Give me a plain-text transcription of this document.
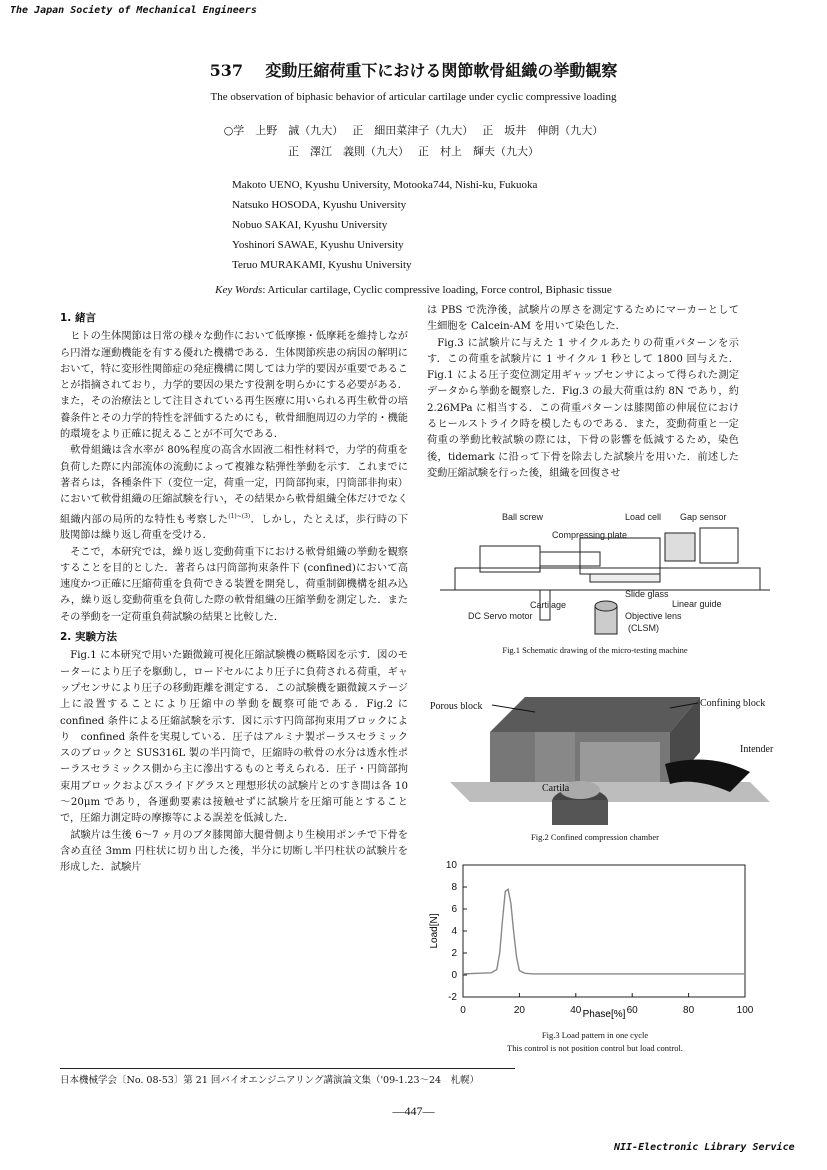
The Japan Society of Mechanical Engineers
537 変動圧縮荷重下における関節軟骨組織の挙動観察
The observation of biphasic behavior of articular cartilage under cyclic compressive loading
○学　上野　誠（九大）　 正　細田菜津子（九大）　 正　坂井　伸朗（九大）
正　澤江　義則（九大）　 正　村上　輝夫（九大）
Makoto UENO, Kyushu University, Motooka744, Nishi-ku, Fukuoka
Natsuko HOSODA, Kyushu University
Nobuo SAKAI, Kyushu University
Yoshinori SAWAE, Kyushu University
Teruo MURAKAMI, Kyushu University
Key Words: Articular cartilage, Cyclic compressive loading, Force control, Biphasic tissue
1. 緒言

ヒトの生体関節は日常の様々な動作において低摩擦・低摩耗を維持しながら円滑な運動機能を有する優れた機構である．生体関節疾患の病因の解明において，特に変形性関節症の発症機構に関しては力学的要因が重要であることが指摘されており，力学的要因の果たす役割を明らかにする必要がある．また，その治療法として注目されている再生医療に用いられる再生軟骨の培養条件とその力学的特性を評価するためにも，軟骨細胞周辺の力学的・機能的環境をより正確に捉えることが不可欠である．

軟骨組織は含水率が 80%程度の高含水固液二相性材料で，力学的荷重を負荷した際に内部流体の流動によって複雑な粘弾性挙動を示す．これまでに著者らは，各種条件下（変位一定，荷重一定，円筒部拘束，円筒部非拘束）において軟骨組織の圧縮試験を行い，その結果から軟骨組織全体だけでなく組織内部の局所的な特性も考察した$^{(1)\sim(3)}$．しかし，たとえば，歩行時の下肢関節は繰り返し荷重を受ける．

そこで，本研究では，繰り返し変動荷重下における軟骨組織の挙動を観察することを目的とした．著者らは円筒部拘束条件下 (confined)において高速度かつ正確に圧縮荷重を負荷できる装置を開発し，荷重制御機構を組み込み，繰り返し変動荷重を負荷した際の軟骨組織の圧縮挙動を測定した．またその挙動を一定荷重負荷試験の結果と比較した．

2. 実験方法

Fig.1 に本研究で用いた顕微鏡可視化圧縮試験機の概略図を示す．図のモーターにより圧子を駆動し，ロードセルにより圧子に負荷される荷重，ギャップセンサにより圧子の移動距離を測定する．この試験機を顕微鏡ステージ上に設置することにより圧縮中の挙動を観察可能である．Fig.2 に confined 条件による圧縮試験を示す．図に示す円筒部拘束用ブロックにより　confined 条件を実現している．圧子はアルミナ製ポーラスセラミックスのブロックと SUS316L 製の半円筒で，圧縮時の軟骨の水分は透水性ポーラスセラミックス側から主に滲出するものと考えられる．圧子・円筒部拘束用ブロックおよびスライドグラスと理想形状の試験片とのすき間は各 10～20μm であり，各運動要素は接触せずに試験片を圧縮可能とすることで，圧縮力測定時の摩擦等による誤差を低減した．

試験片は生後 6～7 ヶ月のブタ膝関節大腿骨側より生検用ポンチで下骨を含め直径 3mm 円柱状に切り出した後，半分に切断し半円柱状の試験片を形成した．試験片

は PBS で洗浄後，試験片の厚さを測定するためにマーカーとして生細胞を Calcein-AM を用いて染色した．

Fig.3 に試験片に与えた 1 サイクルあたりの荷重パターンを示す．この荷重を試験片に 1 サイクル 1 秒として 1800 回与えた． Fig.1 による圧子変位測定用ギャップセンサによって得られた測定データから挙動を観察した．Fig.3 の最大荷重は約 8N であり，約 2.26MPa に相当する．この荷重パターンは膝関節の伸展位におけるヒールストライク時を模したものである．また，変動荷重と一定荷重の挙動比較試験の際には，下骨の影響を低減するため，染色後，tidemark に沿って下骨を除去した試験片を用いた．前述した変動圧縮試験を行った後，組織を回復させ

Ball screw	Load cell Gap sensor
Compressing plate
Slide glass
Cartilage	Linear guide
DC Servo motor	Objective lens
(CLSM)
Fig.1 Schematic drawing of the micro-testing machine
Porous block	Confining block
Intender
Cartila
Fig.2 Confined compression chamber
-2
0
2
4
6
8
10
0	20	40	80	100
60
Phase[%]
Load[N]
Fig.3 Load pattern in one cycle
This control is not position control but load control.
日本機械学会〔No. 08-53〕第 21 回バイオエンジニアリング講演論文集（'09-1.23～24　札幌）
―447―
NII-Electronic Library Service
